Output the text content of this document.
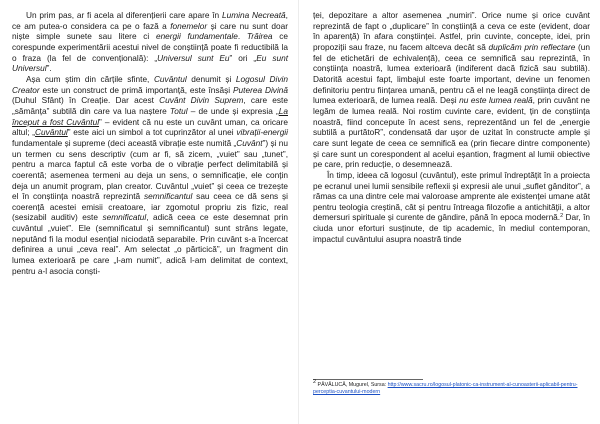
Un prim pas, ar fi acela al diferențierii care apare în Lumina Necreată, ce am putea-o considera ca pe o fază a fonemelor și care nu sunt doar niște simple sunete sau litere ci energii fundamentale. Trăirea ce corespunde experimentării acestui nivel de conștiință poate fi reductibilă la o fraza (la fel de convențională): „Universul sunt Eu” ori „Eu sunt Universul”.

Așa cum știm din cărțile sfinte, Cuvântul denumit și Logosul Divin Creator este un construct de primă importanță, este însăși Puterea Divină (Duhul Sfânt) în Creație. Dar acest Cuvânt Divin Suprem, care este „sămânța” subtilă din care va lua naștere Totul – de unde și expresia „La început a fost Cuvântul” – evident că nu este un cuvânt uman, ca oricare altul; „Cuvântul” este aici un simbol a tot cuprinzător al unei vibrații-energii fundamentale și supreme (deci această vibrație este numită „Cuvânt”) și nu un termen cu sens descriptiv (cum ar fi, să zicem, „vuiet” sau „tunet”, pentru a marca faptul că este vorba de o vibrație perfect delimitabilă și coerentă; asemenea termeni au deja un sens, o semnificație, ele conțin deja un anumit program, plan creator. Cuvântul „vuiet” și ceea ce trezește el în conștiința noastră reprezintă semnificantul sau ceea ce dă sens și coerență acestei emisii creatoare, iar zgomotul propriu zis fizic, real (sesizabil auditiv) este semnificatul, adică ceea ce este desemnat prin cuvântul „vuiet”. Ele (semnificatul și semnificantul) sunt strâns legate, neputând fi la modul esențial niciodată separabile. Prin cuvânt s-a încercat definirea a unui „ceva real”. Am selectat „o părticică”, un fragment din lumea exterioară pe care „l-am numit”, adică l-am delimitat de context, pentru a-l asocia conști-

ței, depozitare a altor asemenea „numiri”. Orice nume și orice cuvânt reprezintă de fapt o „duplicare” în conștiință a ceva ce este (evident, doar în aparență) în afara conștiinței. Astfel, prin cuvinte, concepte, idei, prin propoziții sau fraze, nu facem altceva decât să duplicăm prin reflectare (un fel de etichetări de echivalență), ceea ce semnifică sau reprezintă, în conștiința noastră, lumea exterioară (indiferent dacă fizică sau subtilă). Datorită acestui fapt, limbajul este foarte important, devine un fenomen definitoriu pentru ființarea umană, pentru că el ne leagă conștiința direct de lumea exterioară, de lumea reală. Deși nu este lumea reală, prin cuvânt ne legăm de lumea reală. Noi rostim cuvinte care, evident, țin de conștiința noastră, fiind concepute în acest sens, reprezentând un fel de „energie subtilă a purtătoR”, condensată dar ușor de uzitat în constructe ample și care sunt legate de ceea ce semnifică ea (prin fiecare dintre componente) și care sunt un corespondent al acelui eșantion, fragment al lumii obiective pe care, prin reducție, o desemnează.

În timp, ideea că logosul (cuvântul), este primul îndreptățit în a proiecta pe ecranul unei lumii sensibile reflexii și expresii ale unui „suflet gânditor”, a rămas ca una dintre cele mai valoroase amprente ale existenței umane atât pentru teologia creștină, cât și pentru întreaga filozofie a antichității, a altor demersuri spirituale și curente de gândire, până în epoca modernă.$^2$ Dar, în ciuda unor eforturi susținute, de tip academic, în mediul contemporan, impactul cuvântului asupra noastră tinde

$^2$ PĂVĂLUCĂ, Mugurel, Sursa: http://www.sacru.ro/logosul-platonic-ca-instrument-al-cunoasterii-aplicabil-pentru-perceptia-cuvantului-modern
